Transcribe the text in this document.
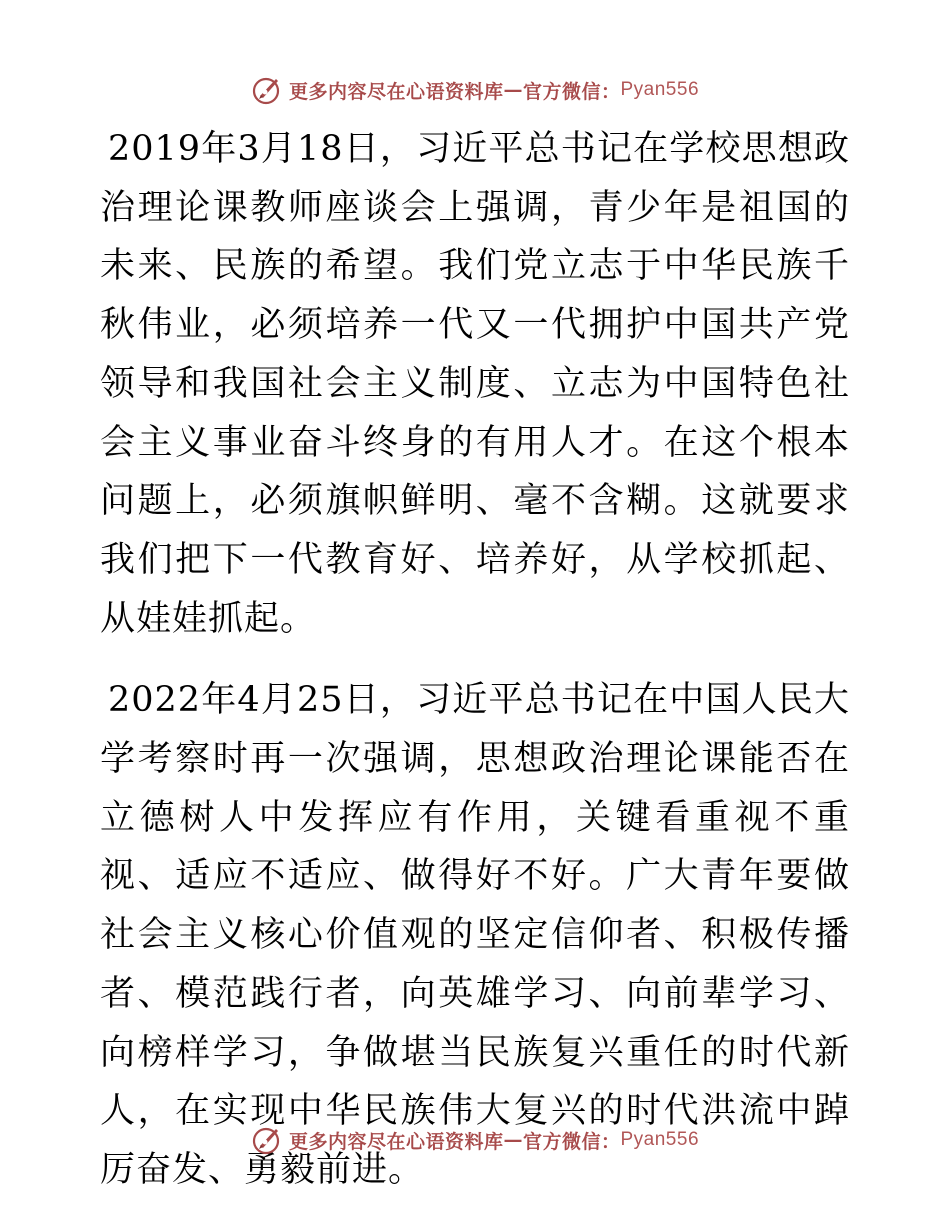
更多内容尽在心语资料库 — 官方微信： Pyan556

2019年3月18日，习近平总书记在学校思想政治理论课教师座谈会上强调，青少年是祖国的未来、民族的希望。我们党立志于中华民族千秋伟业，必须培养一代又一代拥护中国共产党领导和我国社会主义制度、立志为中国特色社会主义事业奋斗终身的有用人才。在这个根本问题上，必须旗帜鲜明、毫不含糊。这就要求我们把下一代教育好、培养好，从学校抓起、从娃娃抓起。

2022年4月25日，习近平总书记在中国人民大学考察时再一次强调，思想政治理论课能否在立德树人中发挥应有作用，关键看重视不重视、适应不适应、做得好不好。广大青年要做社会主义核心价值观的坚定信仰者、积极传播者、模范践行者，向英雄学习、向前辈学习、向榜样学习，争做堪当民族复兴重任的时代新人，在实现中华民族伟大复兴的时代洪流中踔厉奋发、勇毅前进。

更多内容尽在心语资料库 — 官方微信： Pyan556
